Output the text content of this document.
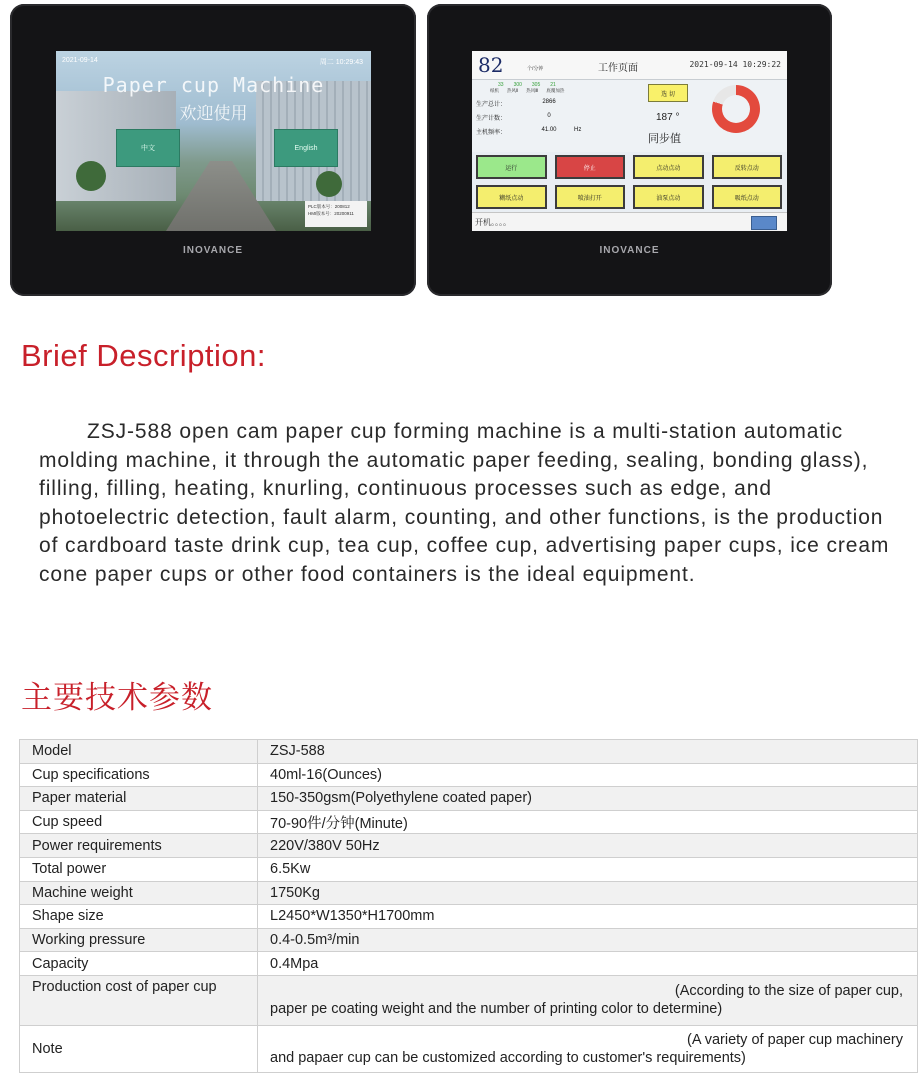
2021-09-14	周二 10:29:43
Paper cup Machine
欢迎使用
中文	English
PLC版本号：200812
HMI版本号：20200911
INOVANCE
82	个/分钟	工作页面	2021-09-14 10:29:22
33 300 305 21
纸机 热风Ⅱ 热风Ⅲ 底覆加热
生产总计：	2866
生产计数：	0
主机频率：	41.00	Hz
选 切
187 °
同步值
运行	停止	点动点动	反转点动
糊纸点动	喷油打开	油泵点动	吸纸点动
开机。。。。
INOVANCE
Brief Description:

ZSJ-588 open cam paper cup forming machine is a multi-station automatic molding machine, it through the automatic paper feeding, sealing, bonding glass), filling, filling, heating, knurling, continuous processes such as edge, and photoelectric detection, fault alarm, counting, and other functions, is the production of cardboard taste drink cup, tea cup, coffee cup, advertising paper cups, ice cream cone paper cups or other food containers is the ideal equipment.

主要技术参数
Model	ZSJ-588
Cup specifications	40ml-16(Ounces)
Paper material	150-350gsm(Polyethylene coated paper)
Cup speed	70-90件/分钟(Minute)
Power requirements	220V/380V 50Hz
Total power	6.5Kw
Machine weight	1750Kg
Shape size	L2450*W1350*H1700mm
Working pressure	0.4-0.5m³/min
Capacity	0.4Mpa
Production cost of paper cup	(According to the size of paper cup,
paper pe coating weight and the number of printing color to determine)
Note	(A variety of paper cup machinery
and papaer cup can be customized according to customer's requirements)
